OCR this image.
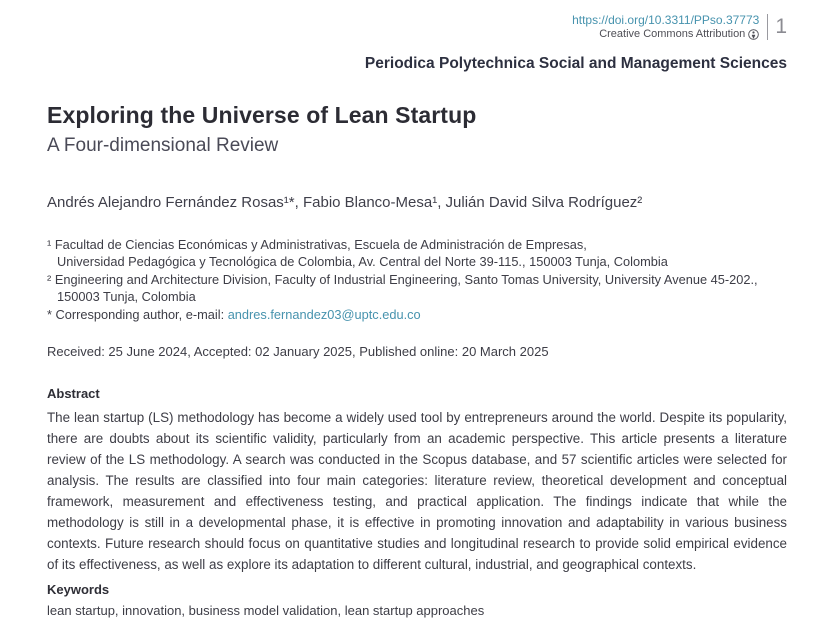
https://doi.org/10.3311/PPso.37773
Creative Commons Attribution 1
Periodica Polytechnica Social and Management Sciences
Exploring the Universe of Lean Startup
A Four-dimensional Review
Andrés Alejandro Fernández Rosas¹*, Fabio Blanco-Mesa¹, Julián David Silva Rodríguez²
¹ Facultad de Ciencias Económicas y Administrativas, Escuela de Administración de Empresas,
Universidad Pedagógica y Tecnológica de Colombia, Av. Central del Norte 39-115., 150003 Tunja, Colombia
² Engineering and Architecture Division, Faculty of Industrial Engineering, Santo Tomas University, University Avenue 45-202.,
150003 Tunja, Colombia
* Corresponding author, e-mail: andres.fernandez03@uptc.edu.co
Received: 25 June 2024, Accepted: 02 January 2025, Published online: 20 March 2025
Abstract

The lean startup (LS) methodology has become a widely used tool by entrepreneurs around the world. Despite its popularity, there are doubts about its scientific validity, particularly from an academic perspective. This article presents a literature review of the LS methodology. A search was conducted in the Scopus database, and 57 scientific articles were selected for analysis. The results are classified into four main categories: literature review, theoretical development and conceptual framework, measurement and effectiveness testing, and practical application. The findings indicate that while the methodology is still in a developmental phase, it is effective in promoting innovation and adaptability in various business contexts. Future research should focus on quantitative studies and longitudinal research to provide solid empirical evidence of its effectiveness, as well as explore its adaptation to different cultural, industrial, and geographical contexts.

Keywords
lean startup, innovation, business model validation, lean startup approaches
